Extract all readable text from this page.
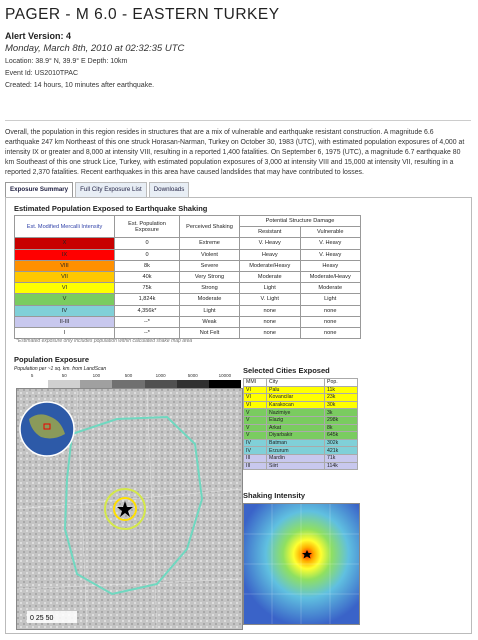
PAGER - M 6.0 - EASTERN TURKEY
Alert Version: 4
Monday, March 8th, 2010 at 02:32:35 UTC
Location: 38.9° N, 39.9° E Depth: 10km
Event Id: US2010TPAC
Created: 14 hours, 10 minutes after earthquake.
Overall, the population in this region resides in structures that are a mix of vulnerable and earthquake resistant construction. A magnitude 6.6 earthquake 247 km Northeast of this one struck Horasan-Narman, Turkey on October 30, 1983 (UTC), with estimated population exposures of 4,000 at intensity IX or greater and 8,000 at intensity VIII, resulting in a reported 1,400 fatalities. On September 6, 1975 (UTC), a magnitude 6.7 earthquake 80 km Southeast of this one struck Lice, Turkey, with estimated population exposures of 3,000 at intensity VIII and 15,000 at intensity VII, resulting in a reported 2,370 fatalities. Recent earthquakes in this area have caused landslides that may have contributed to losses.
Exposure Summary	Full City Exposure List	Downloads
Estimated Population Exposed to Earthquake Shaking
Est. Modified Mercalli Intensity	Est. Population Exposure	Perceived Shaking	Potential Structure Damage	
			Resistant	Vulnerable
X	0	Extreme	V. Heavy	V. Heavy
IX	0	Violent	Heavy	V. Heavy
VIII	8k	Severe	Moderate/Heavy	Heavy
VII	40k	Very Strong	Moderate	Moderate/Heavy
VI	75k	Strong	Light	Moderate
V	1,824k	Moderate	V. Light	Light
IV	4,356k*	Light	none	none
II-III	--*	Weak	none	none
I	--*	Not Felt	none	none
*Estimated exposure only includes population within calculated shake map area
Population Exposure
Population per ~1 sq. km. from LandScan
5	50	100	500	1000	5000	10000
0 25 50
Selected Cities Exposed
MMI	City	Pop.
VI	Palu	11k
VI	Kovancilar	23k
VI	Karakocan	30k
V	Nazimiye	3k
V	Elazig	298k
V	Arkat	8k
V	Diyarbakir	645k
IV	Batman	302k
IV	Erzurum	421k
III	Mardin	71k
III	Siirt	114k
Shaking Intensity
